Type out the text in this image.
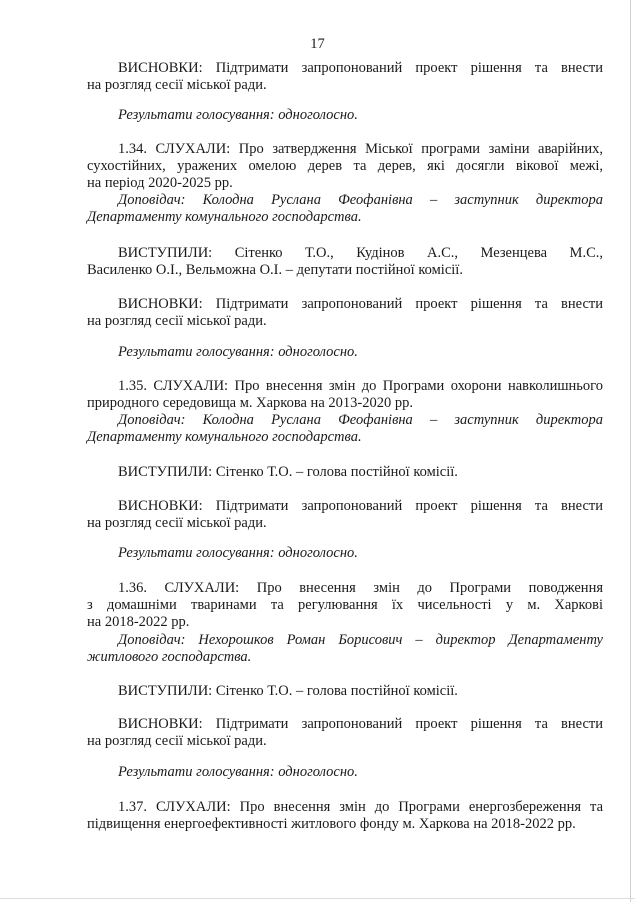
17
ВИСНОВКИ: Підтримати запропонований проект рішення та внести
на розгляд сесії міської ради.
Результати голосування: одноголосно.
1.34. СЛУХАЛИ: Про затвердження Міської програми заміни аварійних,
сухостійних, уражених омелою дерев та дерев, які досягли вікової межі,
на період 2020-2025 рр.
Доповідач: Колодна Руслана Феофанівна – заступник директора
Департаменту комунального господарства.
ВИСТУПИЛИ: Сітенко Т.О., Кудінов А.С., Мезенцева М.С.,
Василенко О.І., Вельможна О.І. – депутати постійної комісії.
ВИСНОВКИ: Підтримати запропонований проект рішення та внести
на розгляд сесії міської ради.
Результати голосування: одноголосно.
1.35. СЛУХАЛИ: Про внесення змін до Програми охорони навколишнього
природного середовища м. Харкова на 2013-2020 рр.
Доповідач: Колодна Руслана Феофанівна – заступник директора
Департаменту комунального господарства.
ВИСТУПИЛИ: Сітенко Т.О. – голова постійної комісії.
ВИСНОВКИ: Підтримати запропонований проект рішення та внести
на розгляд сесії міської ради.
Результати голосування: одноголосно.
1.36. СЛУХАЛИ: Про внесення змін до Програми поводження
з домашніми тваринами та регулювання їх чисельності у м. Харкові
на 2018-2022 рр.
Доповідач: Нехорошков Роман Борисович – директор Департаменту
житлового господарства.
ВИСТУПИЛИ: Сітенко Т.О. – голова постійної комісії.
ВИСНОВКИ: Підтримати запропонований проект рішення та внести
на розгляд сесії міської ради.
Результати голосування: одноголосно.
1.37. СЛУХАЛИ: Про внесення змін до Програми енергозбереження та
підвищення енергоефективності житлового фонду м. Харкова на 2018-2022 рр.
